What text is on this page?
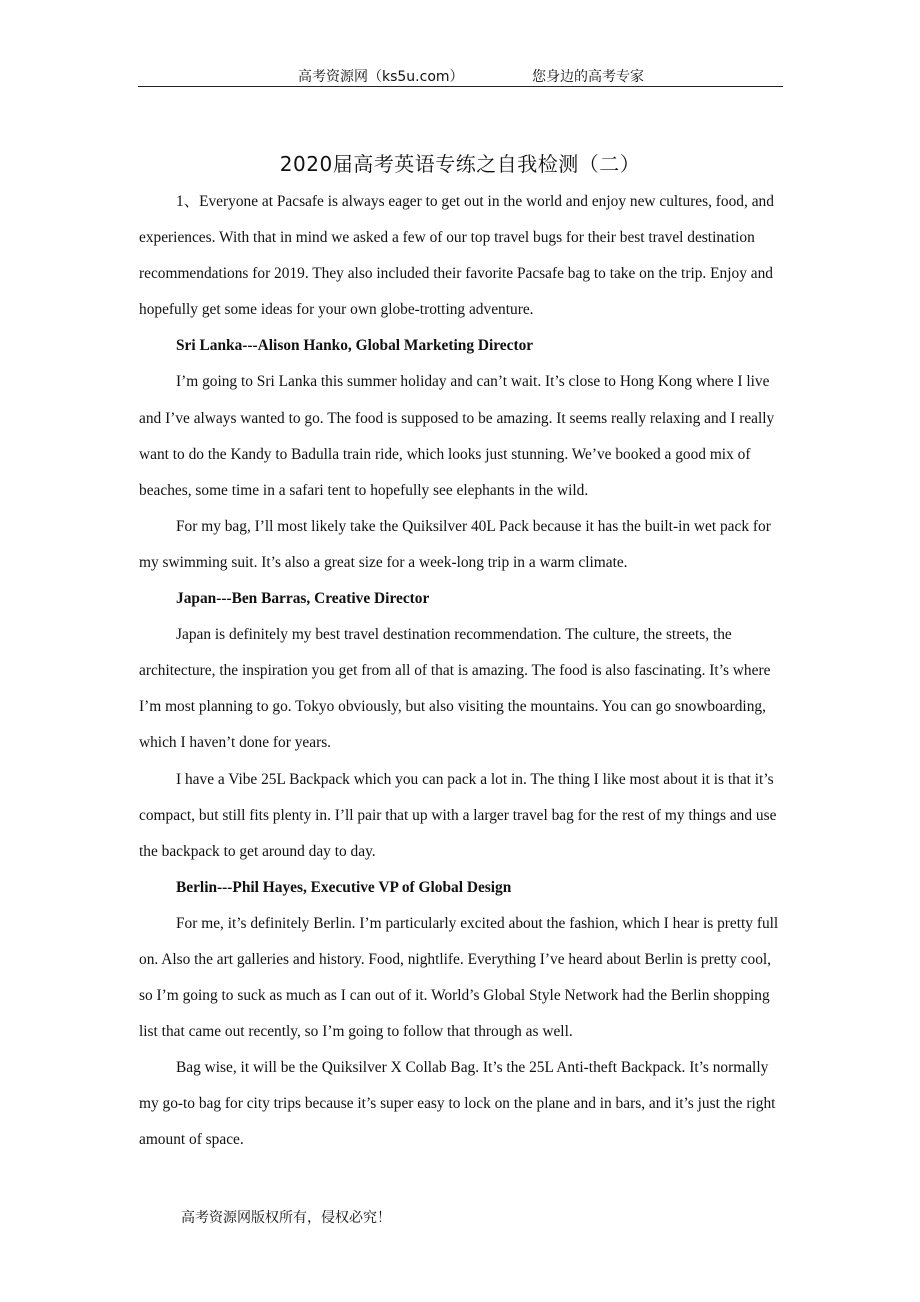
高考资源网（ks5u.com）	您身边的高考专家
2020届高考英语专练之自我检测（二）

1、Everyone at Pacsafe is always eager to get out in the world and enjoy new cultures, food, and experiences. With that in mind we asked a few of our top travel bugs for their best travel destination recommendations for 2019. They also included their favorite Pacsafe bag to take on the trip. Enjoy and hopefully get some ideas for your own globe-trotting adventure.

Sri Lanka---Alison Hanko, Global Marketing Director

I’m going to Sri Lanka this summer holiday and can’t wait. It’s close to Hong Kong where I live and I’ve always wanted to go. The food is supposed to be amazing. It seems really relaxing and I really want to do the Kandy to Badulla train ride, which looks just stunning. We’ve booked a good mix of beaches, some time in a safari tent to hopefully see elephants in the wild.

For my bag, I’ll most likely take the Quiksilver 40L Pack because it has the built-in wet pack for my swimming suit. It’s also a great size for a week-long trip in a warm climate.

Japan---Ben Barras, Creative Director

Japan is definitely my best travel destination recommendation. The culture, the streets, the architecture, the inspiration you get from all of that is amazing. The food is also fascinating. It’s where I’m most planning to go. Tokyo obviously, but also visiting the mountains. You can go snowboarding, which I haven’t done for years.

I have a Vibe 25L Backpack which you can pack a lot in. The thing I like most about it is that it’s compact, but still fits plenty in. I’ll pair that up with a larger travel bag for the rest of my things and use the backpack to get around day to day.

Berlin---Phil Hayes, Executive VP of Global Design

For me, it’s definitely Berlin. I’m particularly excited about the fashion, which I hear is pretty full on. Also the art galleries and history. Food, nightlife. Everything I’ve heard about Berlin is pretty cool, so I’m going to suck as much as I can out of it. World’s Global Style Network had the Berlin shopping list that came out recently, so I’m going to follow that through as well.

Bag wise, it will be the Quiksilver X Collab Bag. It’s the 25L Anti-theft Backpack. It’s normally my go-to bag for city trips because it’s super easy to lock on the plane and in bars, and it’s just the right amount of space.

高考资源网版权所有，侵权必究！
